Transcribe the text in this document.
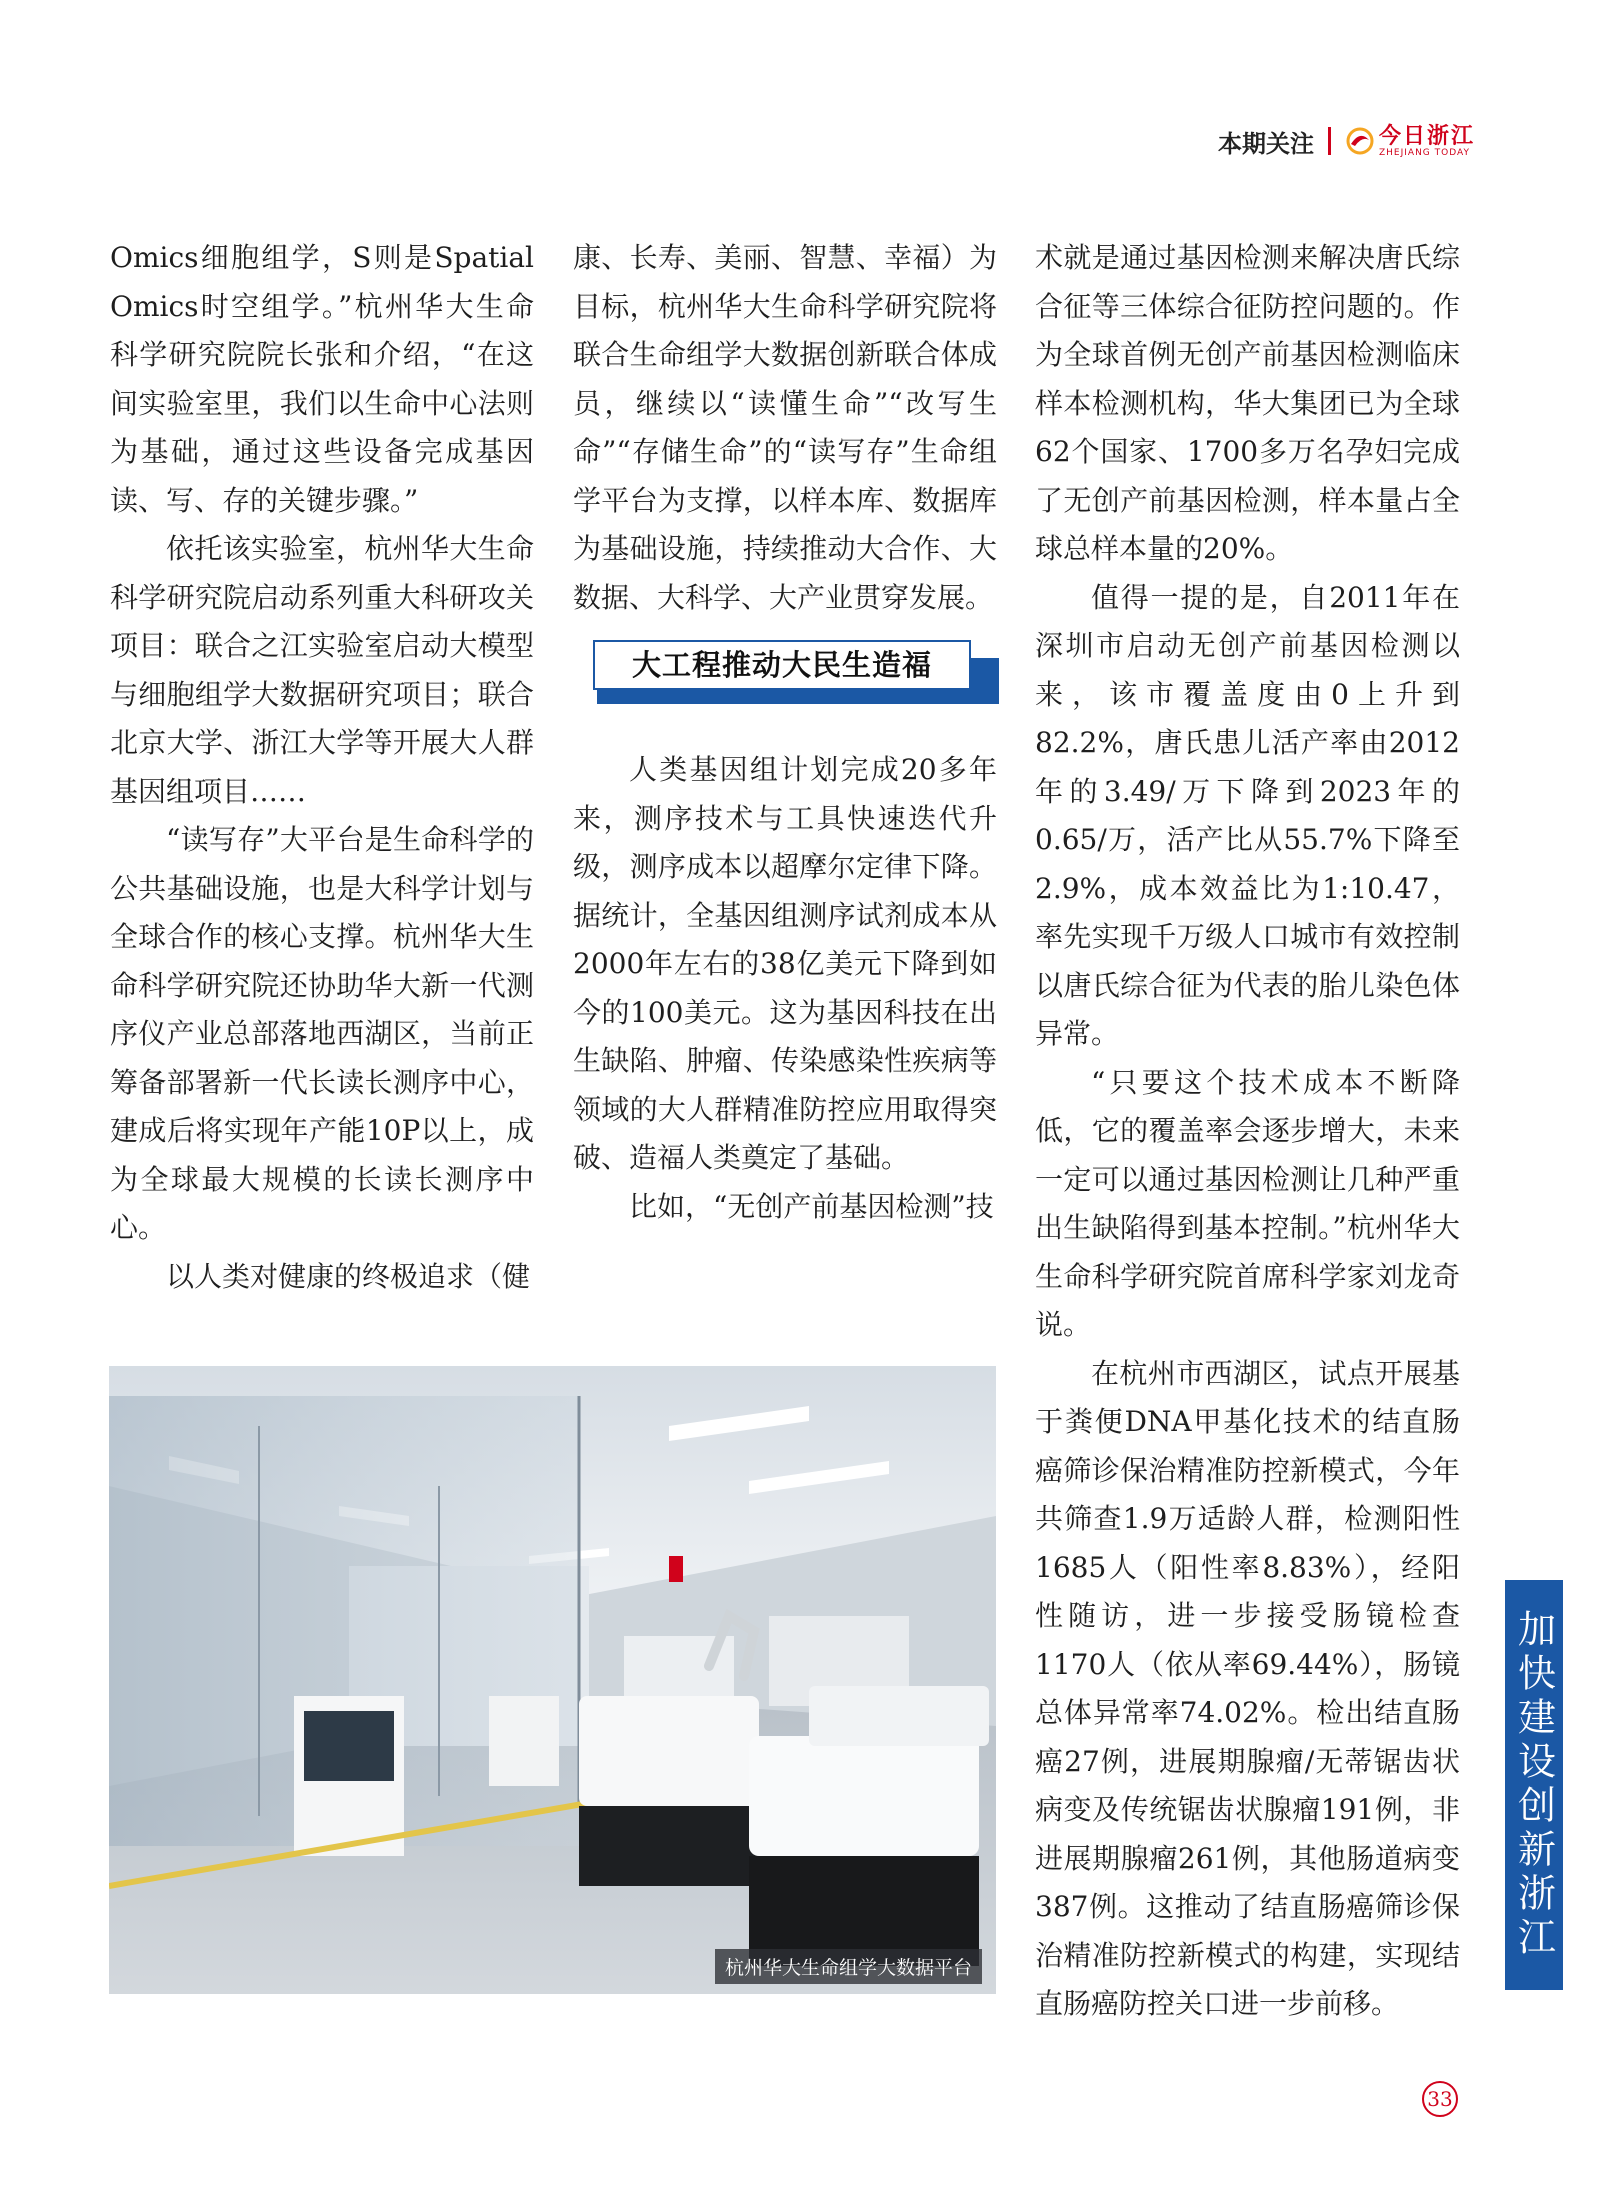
本期关注	今日浙江
ZHEJIANG TODAY

Omics细胞组学，S则是Spatial Omics时空组学。”杭州华大生命科学研究院院长张和介绍，“在这间实验室里，我们以生命中心法则为基础，通过这些设备完成基因读、写、存的关键步骤。”

依托该实验室，杭州华大生命科学研究院启动系列重大科研攻关项目：联合之江实验室启动大模型与细胞组学大数据研究项目；联合北京大学、浙江大学等开展大人群基因组项目……

“读写存”大平台是生命科学的公共基础设施，也是大科学计划与全球合作的核心支撑。杭州华大生命科学研究院还协助华大新一代测序仪产业总部落地西湖区，当前正筹备部署新一代长读长测序中心，建成后将实现年产能10P以上，成为全球最大规模的长读长测序中心。

以人类对健康的终极追求（健

康、长寿、美丽、智慧、幸福）为目标，杭州华大生命科学研究院将联合生命组学大数据创新联合体成员，继续以“读懂生命”“改写生命”“存储生命”的“读写存”生命组学平台为支撑，以样本库、数据库为基础设施，持续推动大合作、大数据、大科学、大产业贯穿发展。

大工程推动大民生造福

人类基因组计划完成20多年来，测序技术与工具快速迭代升级，测序成本以超摩尔定律下降。据统计，全基因组测序试剂成本从2000年左右的38亿美元下降到如今的100美元。这为基因科技在出生缺陷、肿瘤、传染感染性疾病等领域的大人群精准防控应用取得突破、造福人类奠定了基础。

比如，“无创产前基因检测”技

术就是通过基因检测来解决唐氏综合征等三体综合征防控问题的。作为全球首例无创产前基因检测临床样本检测机构，华大集团已为全球62个国家、1700多万名孕妇完成了无创产前基因检测，样本量占全球总样本量的20%。

值得一提的是，自2011年在深圳市启动无创产前基因检测以来，该市覆盖度由0上升到82.2%，唐氏患儿活产率由2012年的3.49/万下降到2023年的0.65/万，活产比从55.7%下降至2.9%，成本效益比为1:10.47，率先实现千万级人口城市有效控制以唐氏综合征为代表的胎儿染色体异常。

“只要这个技术成本不断降低，它的覆盖率会逐步增大，未来一定可以通过基因检测让几种严重出生缺陷得到基本控制。”杭州华大生命科学研究院首席科学家刘龙奇说。

在杭州市西湖区，试点开展基于粪便DNA甲基化技术的结直肠癌筛诊保治精准防控新模式，今年共筛查1.9万适龄人群，检测阳性1685人（阳性率8.83%），经阳性随访，进一步接受肠镜检查1170人（依从率69.44%），肠镜总体异常率74.02%。检出结直肠癌27例，进展期腺瘤/无蒂锯齿状病变及传统锯齿状腺瘤191例，非进展期腺瘤261例，其他肠道病变387例。这推动了结直肠癌筛诊保治精准防控新模式的构建，实现结直肠癌防控关口进一步前移。

杭州华大生命组学大数据平台
加快建设创新浙江
33
